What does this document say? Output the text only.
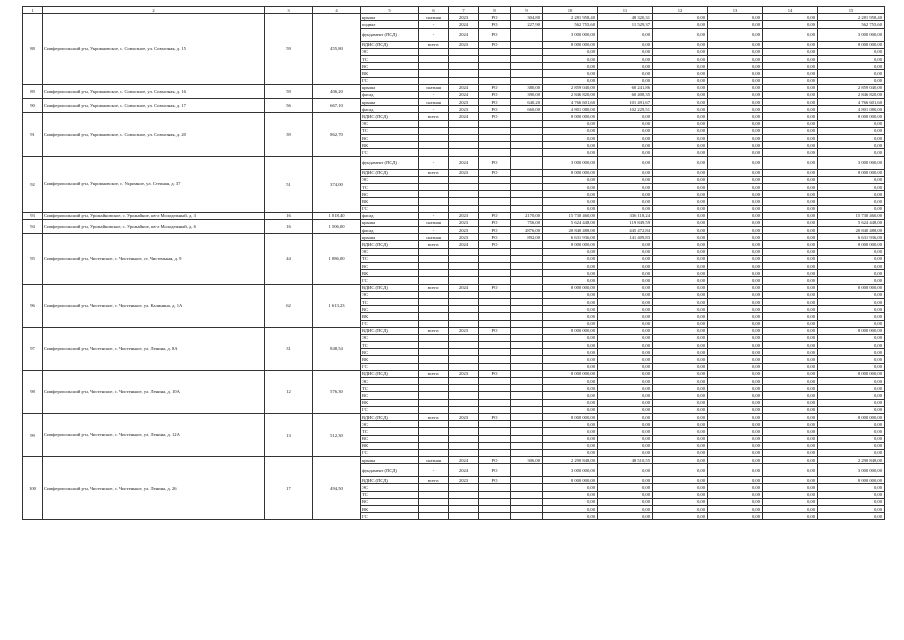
1	2	3	4	5	6	7	8	9	10	11	12	13	14	15
88	Симферопольский р-н, Укромновское, с. Совхозное, ул. Совхозная, д. 15	59	455,80	крыша	скатная	2023	РО	304,80	2 281 958,40	48 320,31	0,00	0,00	0,00	2 281 958,40
				подвал	-	2024	РО	227,90	562 755,60	11 529,37	0,00	0,00	0,00	562 755,60
				фундамент (ПСД)	-	2024	РО		3 000 000,00	0,00	0,00	0,00	0,00	3 000 000,00
				ВДИС (ПСД)	всего:	2023	РО		8 000 000,00	0,00	0,00	0,00	0,00	8 000 000,00
				ЭС					0,00	0,00	0,00	0,00	0,00	0,00
				ТС					0,00	0,00	0,00	0,00	0,00	0,00
				ВС					0,00	0,00	0,00	0,00	0,00	0,00
				ВК					0,00	0,00	0,00	0,00	0,00	0,00
				ГС					0,00	0,00	0,00	0,00	0,00	0,00
89	Симферопольский р-н, Укромновское, с. Совхозное, ул. Совхозная, д. 16	59	406,20	крыша	скатная	2024	РО	380,00	2 859 040,00	60 241,86	0,00	0,00	0,00	2 859 040,00
				фасад	-	2024	РО	390,00	2 846 820,00	60 408,35	0,00	0,00	0,00	2 846 820,00
90	Симферопольский р-н, Укромновское, с. Совхозное, ул. Совхозная, д. 17	56	667,10	крыша	скатная	2023	РО	640,20	4 766 601,60	101 491,67	0,00	0,00	0,00	4 766 601,60
				фасад	-	2023	РО	660,00	4 801 080,00	102 229,51	0,00	0,00	0,00	4 801 080,00
91	Симферопольский р-н, Укромновское, с. Совхозное, ул. Совхозная, д. 20	39	862,70	ВДИС (ПСД)	всего:	2024	РО		8 000 000,00	0,00	0,00	0,00	0,00	8 000 000,00
				ЭС					0,00	0,00	0,00	0,00	0,00	0,00
				ТС					0,00	0,00	0,00	0,00	0,00	0,00
				ВС					0,00	0,00	0,00	0,00	0,00	0,00
				ВК					0,00	0,00	0,00	0,00	0,00	0,00
				ГС					0,00	0,00	0,00	0,00	0,00	0,00
92	Симферопольский р-н, Укромновское, с. Укромное, ул. Степная, д. 37	51	374,00	фундамент (ПСД)	-	2024	РО		3 000 000,00	0,00	0,00	0,00	0,00	3 000 000,00
				ВДИС (ПСД)	всего:	2023	РО		8 000 000,00	0,00	0,00	0,00	0,00	8 000 000,00
				ЭС					0,00	0,00	0,00	0,00	0,00	0,00
				ТС					0,00	0,00	0,00	0,00	0,00	0,00
				ВС					0,00	0,00	0,00	0,00	0,00	0,00
				ВК					0,00	0,00	0,00	0,00	0,00	0,00
				ГС					0,00	0,00	0,00	0,00	0,00	0,00
93	Симферопольский р-н, Урожайновское, с. Урожайное, кв-л Молодежный, д. 3	16	1 018,40	фасад	-	2023	РО	2170,00	15 730 460,00	336 118,24	0,00	0,00	0,00	15 730 460,00
94	Симферопольский р-н, Урожайновское, с. Урожайное, кв-л Молодежный, д. 6	16	1 506,00	крыша	скатная	2023	РО	756,00	5 624 448,00	119 849,59	0,00	0,00	0,00	5 624 448,00
				фасад	-	2023	РО	2876,00	20 840 488,00	445 472,84	0,00	0,00	0,00	20 840 488,00
95	Симферопольский р-н, Чистенское, с. Чистенькое, ст. Чистенькая, д. 9	44	1 086,00	крыша	скатная	2023	РО	892,00	6 631 936,00	141 409,83	0,00	0,00	0,00	6 631 936,00
				ВДИС (ПСД)	всего:	2024	РО		8 000 000,00	0,00	0,00	0,00	0,00	8 000 000,00
				ЭС					0,00	0,00	0,00	0,00	0,00	0,00
				ТС					0,00	0,00	0,00	0,00	0,00	0,00
				ВС					0,00	0,00	0,00	0,00	0,00	0,00
				ВК					0,00	0,00	0,00	0,00	0,00	0,00
				ГС					0,00	0,00	0,00	0,00	0,00	0,00
96	Симферопольский р-н, Чистенское, с. Чистенькое, ул. Калинина, д. 1А	62	1 613,23	ВДИС (ПСД)	всего:	2024	РО		8 000 000,00	0,00	0,00	0,00	0,00	8 000 000,00
				ЭС					0,00	0,00	0,00	0,00	0,00	0,00
				ТС					0,00	0,00	0,00	0,00	0,00	0,00
				ВС					0,00	0,00	0,00	0,00	0,00	0,00
				ВК					0,00	0,00	0,00	0,00	0,00	0,00
				ГС					0,00	0,00	0,00	0,00	0,00	0,00
97	Симферопольский р-н, Чистенское, с. Чистенькое, ул. Ленина, д. 8А	31	848,54	ВДИС (ПСД)	всего:	2023	РО		8 000 000,00	0,00	0,00	0,00	0,00	8 000 000,00
				ЭС					0,00	0,00	0,00	0,00	0,00	0,00
				ТС					0,00	0,00	0,00	0,00	0,00	0,00
				ВС					0,00	0,00	0,00	0,00	0,00	0,00
				ВК					0,00	0,00	0,00	0,00	0,00	0,00
				ГС					0,00	0,00	0,00	0,00	0,00	0,00
98	Симферопольский р-н, Чистенское, с. Чистенькое, ул. Ленина, д. 10А	12	576,30	ВДИС (ПСД)	всего:	2023	РО		8 000 000,00	0,00	0,00	0,00	0,00	8 000 000,00
				ЭС					0,00	0,00	0,00	0,00	0,00	0,00
				ТС					0,00	0,00	0,00	0,00	0,00	0,00
				ВС					0,00	0,00	0,00	0,00	0,00	0,00
				ВК					0,00	0,00	0,00	0,00	0,00	0,00
				ГС					0,00	0,00	0,00	0,00	0,00	0,00
99	Симферопольский р-н, Чистенское, с. Чистенькое, ул. Ленина, д. 12А	13	512,30	ВДИС (ПСД)	всего:	2023	РО		8 000 000,00	0,00	0,00	0,00	0,00	8 000 000,00
				ЭС					0,00	0,00	0,00	0,00	0,00	0,00
				ТС					0,00	0,00	0,00	0,00	0,00	0,00
				ВС					0,00	0,00	0,00	0,00	0,00	0,00
				ВК					0,00	0,00	0,00	0,00	0,00	0,00
				ГС					0,00	0,00	0,00	0,00	0,00	0,00
100	Симферопольский р-н, Чистенское, с. Чистенькое, ул. Ленина, д. 26	17	494,50	крыша	скатная	2024	РО	306,00	2 290 848,00	48 510,55	0,00	0,00	0,00	2 290 848,00
				фундамент (ПСД)	-	2024	РО		3 000 000,00	0,00	0,00	0,00	0,00	3 000 000,00
				ВДИС (ПСД)	всего:	2023	РО		8 000 000,00	0,00	0,00	0,00	0,00	8 000 000,00
				ЭС					0,00	0,00	0,00	0,00	0,00	0,00
				ТС					0,00	0,00	0,00	0,00	0,00	0,00
				ВС					0,00	0,00	0,00	0,00	0,00	0,00
				ВК					0,00	0,00	0,00	0,00	0,00	0,00
				ГС					0,00	0,00	0,00	0,00	0,00	0,00
